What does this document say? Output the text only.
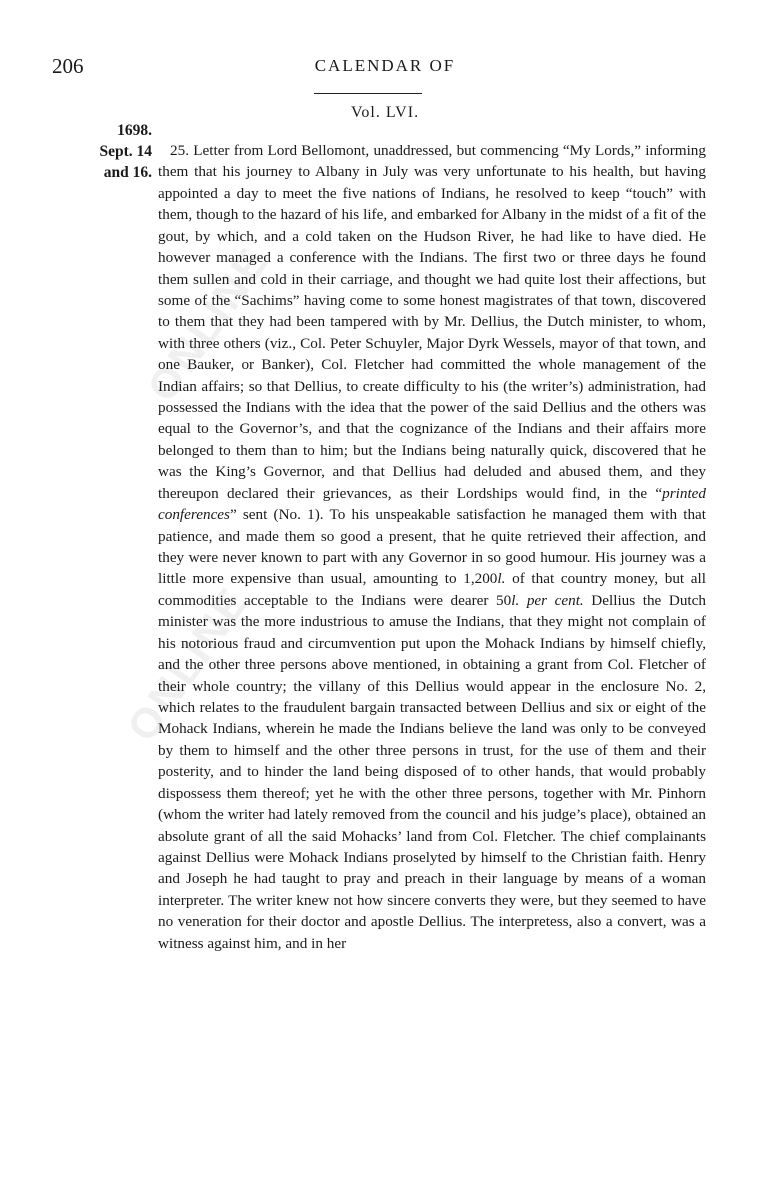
ONLINE
ONLINE
206	CALENDAR OF
Vol. LVI.
1698.
Sept. 14
and 16.

25. Letter from Lord Bellomont, unaddressed, but commencing “My Lords,” informing them that his journey to Albany in July was very unfortunate to his health, but having appointed a day to meet the five nations of Indians, he resolved to keep “touch” with them, though to the hazard of his life, and embarked for Albany in the midst of a fit of the gout, by which, and a cold taken on the Hudson River, he had like to have died. He however managed a conference with the Indians. The first two or three days he found them sullen and cold in their carriage, and thought we had quite lost their affections, but some of the “Sachims” having come to some honest magistrates of that town, discovered to them that they had been tampered with by Mr. Dellius, the Dutch minister, to whom, with three others (viz., Col. Peter Schuyler, Major Dyrk Wessels, mayor of that town, and one Bauker, or Banker), Col. Fletcher had committed the whole management of the Indian affairs; so that Dellius, to create difficulty to his (the writer’s) administration, had possessed the Indians with the idea that the power of the said Dellius and the others was equal to the Governor’s, and that the cognizance of the Indians and their affairs more belonged to them than to him; but the Indians being naturally quick, discovered that he was the King’s Governor, and that Dellius had deluded and abused them, and they thereupon declared their grievances, as their Lordships would find, in the “printed conferences” sent (No. 1). To his unspeakable satisfaction he managed them with that patience, and made them so good a present, that he quite retrieved their affection, and they were never known to part with any Governor in so good humour. His journey was a little more expensive than usual, amounting to 1,200l. of that country money, but all commodities acceptable to the Indians were dearer 50l. per cent. Dellius the Dutch minister was the more industrious to amuse the Indians, that they might not complain of his notorious fraud and circumvention put upon the Mohack Indians by himself chiefly, and the other three persons above mentioned, in obtaining a grant from Col. Fletcher of their whole country; the villany of this Dellius would appear in the enclosure No. 2, which relates to the fraudulent bargain transacted between Dellius and six or eight of the Mohack Indians, wherein he made the Indians believe the land was only to be conveyed by them to himself and the other three persons in trust, for the use of them and their posterity, and to hinder the land being disposed of to other hands, that would probably dispossess them thereof; yet he with the other three persons, together with Mr. Pinhorn (whom the writer had lately removed from the council and his judge’s place), obtained an absolute grant of all the said Mohacks’ land from Col. Fletcher. The chief complainants against Dellius were Mohack Indians proselyted by himself to the Christian faith. Henry and Joseph he had taught to pray and preach in their language by means of a woman interpreter. The writer knew not how sincere converts they were, but they seemed to have no veneration for their doctor and apostle Dellius. The interpretess, also a convert, was a witness against him, and in her
